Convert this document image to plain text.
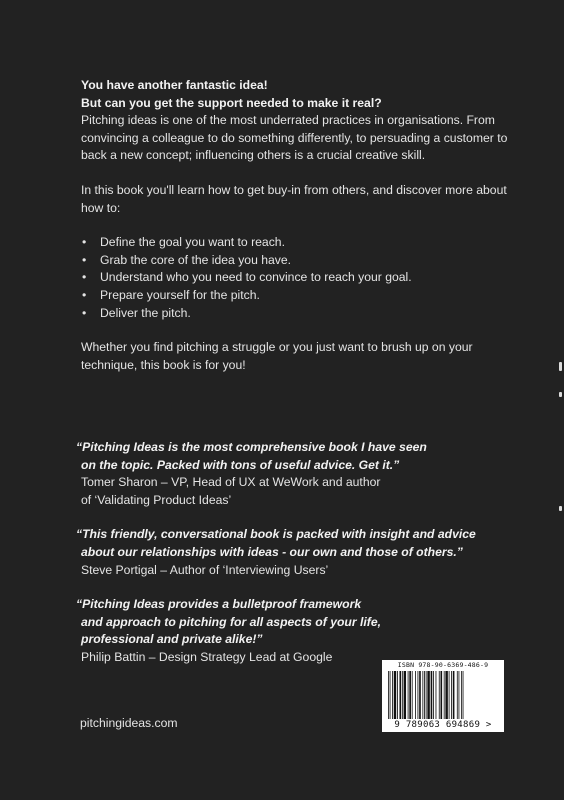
You have another fantastic idea!

But can you get the support needed to make it real?

Pitching ideas is one of the most underrated practices in organisations. From convincing a colleague to do something differently, to persuading a customer to back a new concept; influencing others is a crucial creative skill.

In this book you'll learn how to get buy-in from others, and discover more about how to:

• Define the goal you want to reach.
• Grab the core of the idea you have.
• Understand who you need to convince to reach your goal.
• Prepare yourself for the pitch.
• Deliver the pitch.

Whether you find pitching a struggle or you just want to brush up on your technique, this book is for you!

“Pitching Ideas is the most comprehensive book I have seen
on the topic. Packed with tons of useful advice. Get it.”

Tomer Sharon – VP, Head of UX at WeWork and author
of ‘Validating Product Ideas’

“This friendly, conversational book is packed with insight and advice
about our relationships with ideas - our own and those of others.”

Steve Portigal – Author of ‘Interviewing Users’

“Pitching Ideas provides a bulletproof framework
and approach to pitching for all aspects of your life,
professional and private alike!”

Philip Battin – Design Strategy Lead at Google

pitchingideas.com
ISBN 978-90-6369-486-9
9 789063 694869 >
